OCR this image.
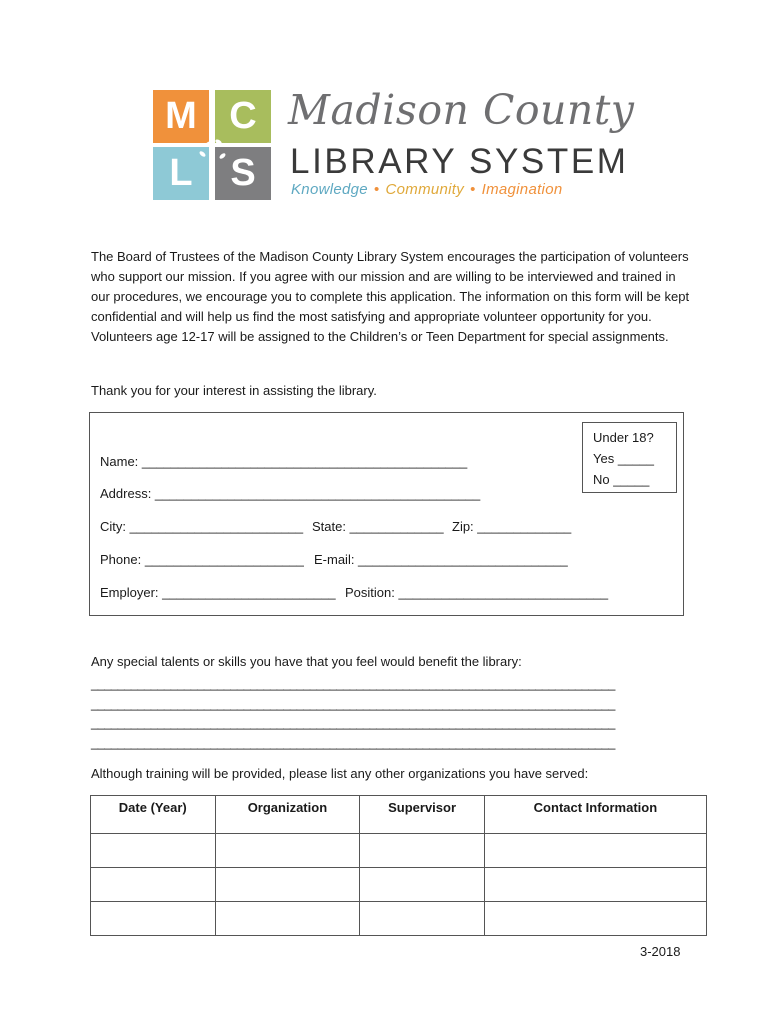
M C
L S
Madison County
LIBRARY SYSTEM
Knowledge • Community • Imagination

The Board of Trustees of the Madison County Library System encourages the participation of volunteers who support our mission. If you agree with our mission and are willing to be interviewed and trained in our procedures, we encourage you to complete this application. The information on this form will be kept confidential and will help us find the most satisfying and appropriate volunteer opportunity for you. Volunteers age 12-17 will be assigned to the Children’s or Teen Department for special assignments.

Thank you for your interest in assisting the library.

Under 18?
Yes _____
No _____
Name: _____________________________________________
Address: _____________________________________________
City: ________________________ State: _____________ Zip: _____________
Phone: ______________________ E-mail: _____________________________
Employer: ________________________ Position: _____________________________

Any special talents or skills you have that you feel would benefit the library:

_______________________________________________________________________________
_______________________________________________________________________________
_______________________________________________________________________________
_______________________________________________________________________________

Although training will be provided, please list any other organizations you have served:

Date (Year)	Organization	Supervisor	Contact Information

3-2018
